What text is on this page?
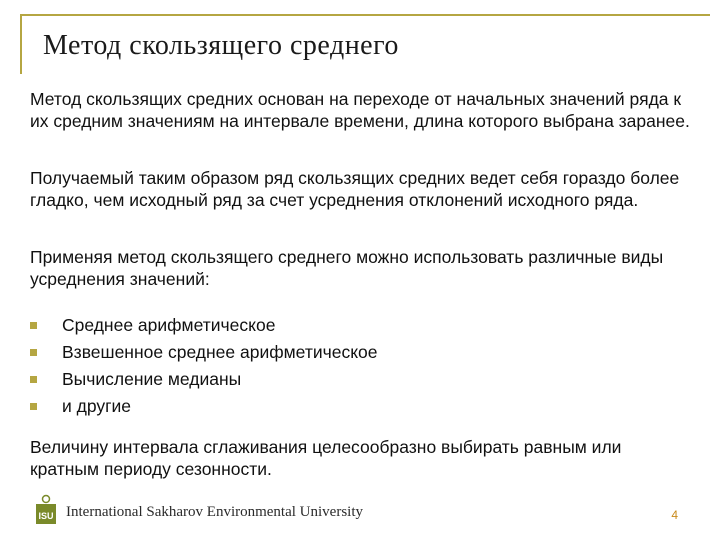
Метод скользящего среднего
Метод скользящих средних основан на переходе от начальных значений ряда к их средним значениям на интервале времени, длина которого выбрана заранее.
Получаемый таким образом ряд скользящих средних ведет себя гораздо более гладко, чем исходный ряд за счет усреднения отклонений исходного ряда.
Применяя метод скользящего среднего можно использовать различные виды усреднения значений:
Среднее арифметическое
Взвешенное среднее арифметическое
Вычисление медианы
и другие
Величину интервала сглаживания целесообразно выбирать равным или кратным периоду сезонности.
ISU International Sakharov Environmental University	4
